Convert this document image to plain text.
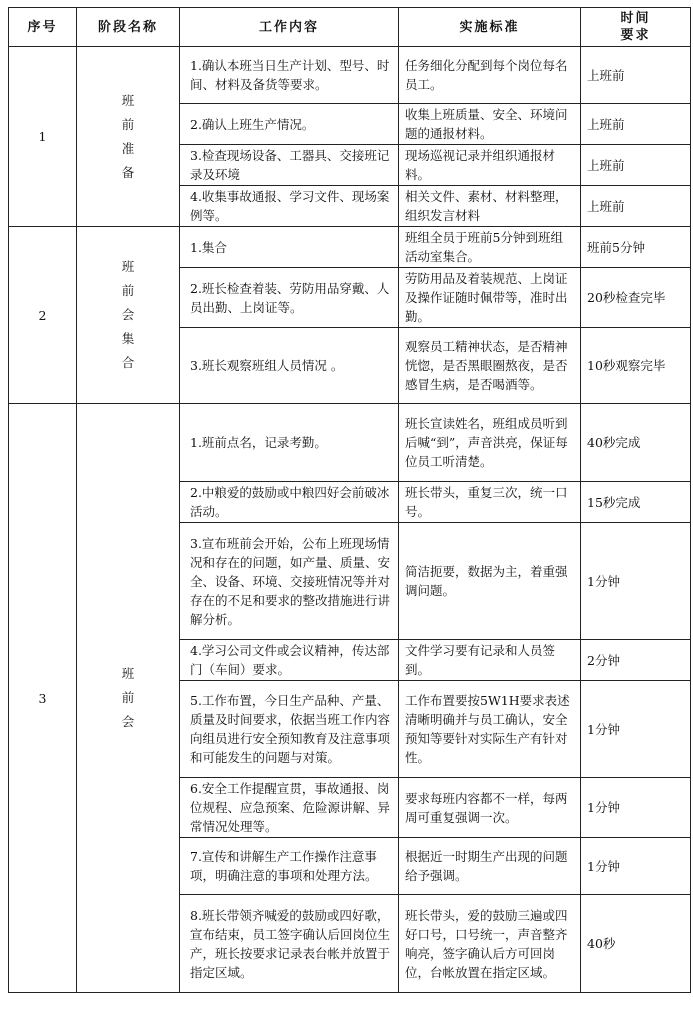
序号	阶段名称	工作内容	实施标准	时间
要求
1	班前准备	1.确认本班当日生产计划、型号、时间、材料及备货等要求。	任务细化分配到每个岗位每名员工。	上班前
		2.确认上班生产情况。	收集上班质量、安全、环境问题的通报材料。	上班前
		3.检查现场设备、工器具、交接班记录及环境	现场巡视记录并组织通报材料。	上班前
		4.收集事故通报、学习文件、现场案例等。	相关文件、素材、材料整理，组织发言材料	上班前
2	班前会集合	1.集合	班组全员于班前5分钟到班组活动室集合。	班前5分钟
		2.班长检查着装、劳防用品穿戴、人员出勤、上岗证等。	劳防用品及着装规范、上岗证及操作证随时佩带等，准时出勤。	20秒检查完毕
		3.班长观察班组人员情况 。	观察员工精神状态，是否精神恍惚，是否黑眼圈熬夜，是否感冒生病，是否喝酒等。	10秒观察完毕
3	班前会	1.班前点名，记录考勤。	班长宣读姓名，班组成员听到后喊“到”，声音洪亮，保证每位员工听清楚。	40秒完成
		2.中粮爱的鼓励或中粮四好会前破冰活动。	班长带头，重复三次，统一口号。	15秒完成
		3.宣布班前会开始，公布上班现场情况和存在的问题，如产量、质量、安全、设备、环境、交接班情况等并对存在的不足和要求的整改措施进行讲解分析。	简洁扼要，数据为主，着重强调问题。	1分钟
		4.学习公司文件或会议精神，传达部门（车间）要求。	文件学习要有记录和人员签到。	2分钟
		5.工作布置，今日生产品种、产量、质量及时间要求，依据当班工作内容向组员进行安全预知教育及注意事项和可能发生的问题与对策。	工作布置要按5W1H要求表述清晰明确并与员工确认，安全预知等要针对实际生产有针对性。	1分钟
		6.安全工作提醒宣贯，事故通报、岗位规程、应急预案、危险源讲解、异常情况处理等。	要求每班内容都不一样，每两周可重复强调一次。	1分钟
		7.宣传和讲解生产工作操作注意事项，明确注意的事项和处理方法。	根据近一时期生产出现的问题给予强调。	1分钟
		8.班长带领齐喊爱的鼓励或四好歌，宣布结束，员工签字确认后回岗位生产，班长按要求记录表台帐并放置于指定区域。	班长带头，爱的鼓励三遍或四好口号，口号统一，声音整齐响亮，签字确认后方可回岗位，台帐放置在指定区域。	40秒
